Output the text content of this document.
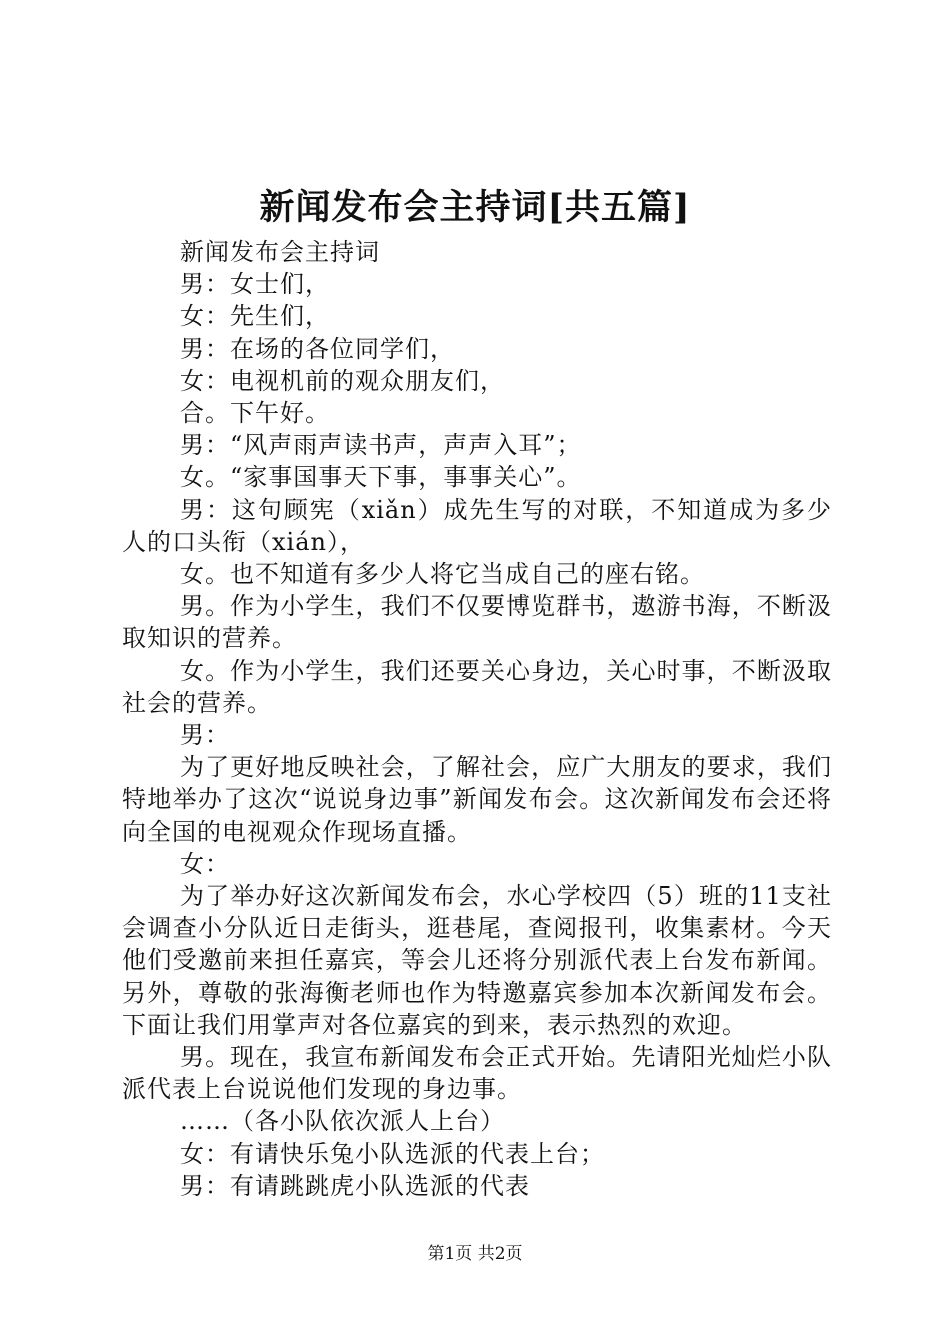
新闻发布会主持词[共五篇]

新闻发布会主持词

男：女士们，

女：先生们，

男：在场的各位同学们，

女：电视机前的观众朋友们，

合。下午好。

男：“风声雨声读书声，声声入耳”；

女。“家事国事天下事，事事关心”。

男：这句顾宪（xiǎn）成先生写的对联，不知道成为多少人的口头衔（xián），

女。也不知道有多少人将它当成自己的座右铭。

男。作为小学生，我们不仅要博览群书，遨游书海，不断汲取知识的营养。

女。作为小学生，我们还要关心身边，关心时事，不断汲取社会的营养。

男：

为了更好地反映社会，了解社会，应广大朋友的要求，我们特地举办了这次“说说身边事”新闻发布会。这次新闻发布会还将向全国的电视观众作现场直播。

女：

为了举办好这次新闻发布会，水心学校四（5）班的11支社会调查小分队近日走街头，逛巷尾，查阅报刊，收集素材。今天他们受邀前来担任嘉宾，等会儿还将分别派代表上台发布新闻。另外，尊敬的张海衡老师也作为特邀嘉宾参加本次新闻发布会。下面让我们用掌声对各位嘉宾的到来，表示热烈的欢迎。

男。现在，我宣布新闻发布会正式开始。先请阳光灿烂小队派代表上台说说他们发现的身边事。

……（各小队依次派人上台）

女：有请快乐兔小队选派的代表上台；

男：有请跳跳虎小队选派的代表

第1页 共2页
